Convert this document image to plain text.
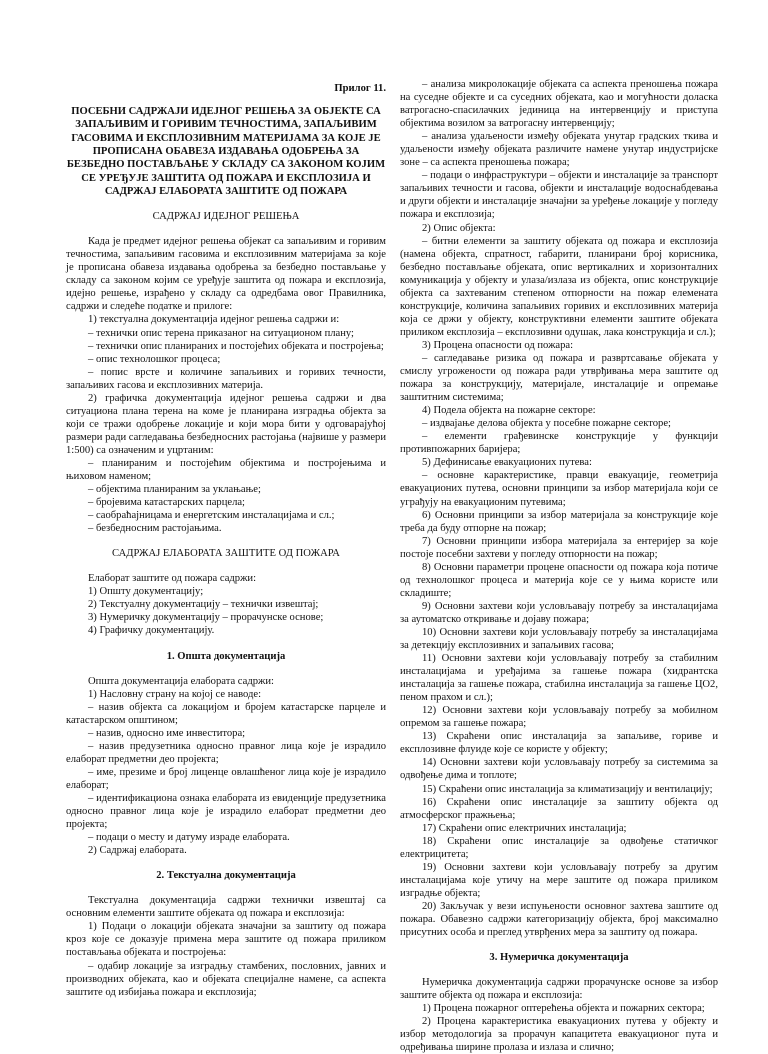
Прилог 11.

ПОСЕБНИ САДРЖАЈИ ИДЕЈНОГ РЕШЕЊА ЗА ОБЈЕКТЕ СА ЗАПАЉИВИМ И ГОРИВИМ ТЕЧНОСТИМА, ЗАПАЉИВИМ ГАСОВИМА И ЕКСПЛОЗИВНИМ МАТЕРИЈАМА ЗА КОЈЕ ЈЕ ПРОПИСАНА ОБАВЕЗА ИЗДАВАЊА ОДОБРЕЊА ЗА БЕЗБЕДНО ПОСТАВЉАЊЕ У СКЛАДУ СА ЗАКОНОМ КОЈИМ СЕ УРЕЂУЈЕ ЗАШТИТА ОД ПОЖАРА И ЕКСПЛОЗИЈА И САДРЖАЈ ЕЛАБОРАТА ЗАШТИТЕ ОД ПОЖАРА

САДРЖАЈ ИДЕЈНОГ РЕШЕЊА

Када је предмет идејног решења објекат са запаљивим и горивим течностима, запаљивим гасовима и експлозивним материјама за које је прописана обавеза издавања одобрења за безбедно постављање у складу са законом којим се уређује заштита од пожара и експлозија, идејно решење, израђено у складу са одредбама овог Правилника, садржи и следеће податке и прилоге:

1) текстуална документација идејног решења садржи и:

– технички опис терена приказаног на ситуационом плану;

– технички опис планираних и постојећих објеката и постројења;

– опис технолошког процеса;

– попис врсте и количине запаљивих и горивих течности, запаљивих гасова и експлозивних материја.

2) графичка документација идејног решења садржи и два ситуациона плана терена на коме је планирана изградња објекта за који се тражи одобрење локације и који мора бити у одговарајућој размери ради сагледавања безбедносних растојања (највише у размери 1:500) са означеним и уцртаним:

– планираним и постојећим објектима и постројењима и њиховом наменом;

– објектима планираним за уклањање;

– бројевима катастарских парцела;

– саобраћајницама и енергетским инсталацијама и сл.;

– безбедносним растојањима.

САДРЖАЈ ЕЛАБОРАТА ЗАШТИТЕ ОД ПОЖАРА

Елаборат заштите од пожара садржи:

1) Општу документацију;

2) Текстуалну документацију – технички извештај;

3) Нумеричку документацију – прорачунске основе;

4) Графичку документацију.

1. Општа документација

Општа документација елабората садржи:

1) Насловну страну на којој се наводе:

– назив објекта са локацијом и бројем катастарске парцеле и катастарском општином;

– назив, односно име инвеститора;

– назив предузетника односно правног лица које је израдило елаборат предметни део пројекта;

– име, презиме и број лиценце овлашћеног лица које је израдило елаборат;

– идентификациона ознака елабората из евиденције предузетника односно правног лица које је израдило елаборат предметни део пројекта;

– подаци о месту и датуму израде елабората.

2) Садржај елабората.

2. Текстуална документација

Текстуална документација садржи технички извештај са основним елементи заштите објеката од пожара и експлозија:

1) Подаци о локацији објеката значајни за заштиту од пожара кроз које се доказује примена мера заштите од пожара приликом постављања објеката и постројења:

– одабир локације за изградњу стамбених, пословних, јавних и производних објеката, као и објеката специјалне намене, са аспекта заштите од избијања пожара и експлозија;

– анализа микролокације објеката са аспекта преношења пожара на суседне објекте и са суседних објеката, као и могућности доласка ватрогасно-спасилачких јединица на интервенцију и приступа објектима возилом за ватрогасну интервенцију;

– анализа удаљености између објеката унутар градских ткива и удаљености између објеката различите намене унутар индустријске зоне – са аспекта преношења пожара;

– подаци о инфраструктури – објекти и инсталације за транспорт запаљивих течности и гасова, објекти и инсталације водоснабдевања и други објекти и инсталације значајни за уређење локације у погледу пожара и експлозија;

2) Опис објекта:

– битни елементи за заштиту објеката од пожара и експлозија (намена објекта, спратност, габарити, планирани број корисника, безбедно постављање објеката, опис вертикалних и хоризонталних комуникација у објекту и улаза/излаза из објекта, опис конструкције објекта са захтеваним степеном отпорности на пожар елемената конструкције, количина запаљивих горивих и експлозивних материја која се држи у објекту, конструктивни елементи заштите објеката приликом експлозија – експлозивни одушак, лака конструкција и сл.);

3) Процена опасности од пожара:

– сагледавање ризика од пожара и развртсавање објеката у смислу угрожености од пожара ради утврђивања мера заштите од пожара за конструкцију, материјале, инсталације и опремање заштитним системима;

4) Подела објекта на пожарне секторе:

– издвајање делова објекта у посебне пожарне секторе;

– елементи грађевинске конструкције у функцији противпожарних баријера;

5) Дефинисање евакуационих путева:

– основне карактеристике, правци евакуације, геометрија евакуационих путева, основни принципи за избор материјала који се уграђују на евакуационим путевима;

6) Основни принципи за избор материјала за конструкције које треба да буду отпорне на пожар;

7) Основни принципи избора материјала за ентеријер за које постоје посебни захтеви у погледу отпорности на пожар;

8) Основни параметри процене опасности од пожара која потиче од технолошког процеса и материја које се у њима користе или складиште;

9) Основни захтеви који условљавају потребу за инсталацијама за аутоматско откривање и дојаву пожара;

10) Основни захтеви који условљавају потребу за инсталацијама за детекцију експлозивних и запаљивих гасова;

11) Основни захтеви који условљавају потребу за стабилним инсталацијама и уређајима за гашење пожара (хидрантска инсталација за гашење пожара, стабилна инсталација за гашење ЦО2, пеном прахом и сл.);

12) Основни захтеви који условљавају потребу за мобилном опремом за гашење пожара;

13) Скраћени опис инсталација за запаљиве, горивe и експлозивне флуиде које се користе у објекту;

14) Основни захтеви који условљавају потребу за системима за одвођење дима и топлоте;

15) Скраћени опис инсталација за климатизацију и вентилацију;

16) Скраћени опис инсталације за заштиту објекта од атмосферског пражњења;

17) Скраћени опис електричних инсталација;

18) Скраћени опис инсталације за одвођење статичког електрицитета;

19) Основни захтеви који условљавају потребу за другим инсталацијама које утичу на мере заштите од пожара приликом изградње објекта;

20) Закључак у вези испуњености основног захтева заштите од пожара. Обавезно садржи категоризацију објекта, број максимално присутних особа и преглед утврђених мера за заштиту од пожара.

3. Нумеричка документација

Нумеричка документација садржи прорачунске основе за избор заштите објекта од пожара и експлозија:

1) Процена пожарног оптерећења објекта и пожарних сектора;

2) Процена карактеристика евакуационих путева у објекту и избор методологија за прорачун капацитета евакуационог пута и одређивања ширине пролаза и излаза и слично;
